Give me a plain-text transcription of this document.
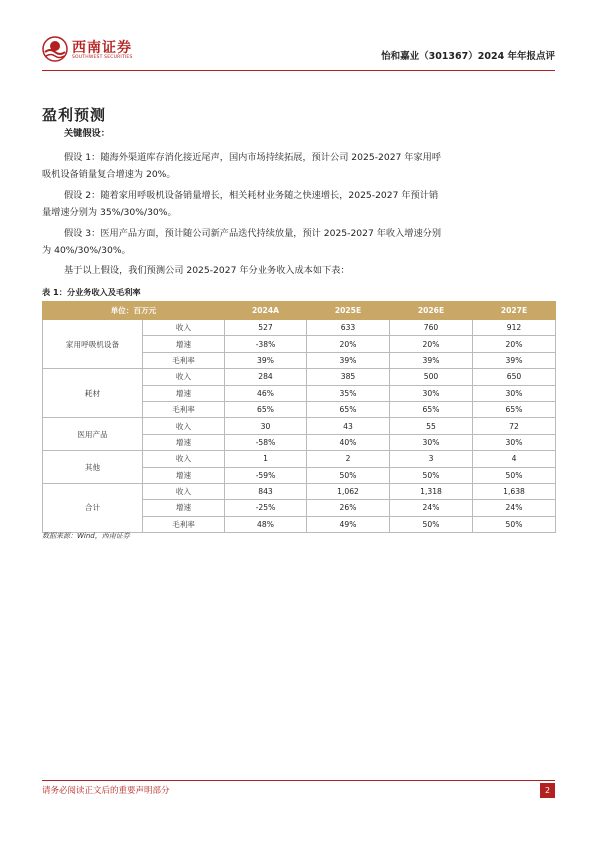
西南证券
SOUTHWEST SECURITIES	怡和嘉业（301367）2024 年年报点评
盈利预测
关键假设：
假设 1：随海外渠道库存消化接近尾声，国内市场持续拓展，预计公司 2025-2027 年家用呼吸机设备销量复合增速为 20%。
假设 2：随着家用呼吸机设备销量增长，相关耗材业务随之快速增长，2025-2027 年预计销量增速分别为 35%/30%/30%。
假设 3：医用产品方面，预计随公司新产品迭代持续放量，预计 2025-2027 年收入增速分别为 40%/30%/30%。
基于以上假设，我们预测公司 2025-2027 年分业务收入成本如下表：
表 1：分业务收入及毛利率
单位：百万元		2024A	2025E	2026E	2027E
家用呼吸机设备	收入	527	633	760	912
	增速	-38%	20%	20%	20%
	毛利率	39%	39%	39%	39%
耗材	收入	284	385	500	650
	增速	46%	35%	30%	30%
	毛利率	65%	65%	65%	65%
医用产品	收入	30	43	55	72
	增速	-58%	40%	30%	30%
其他	收入	1	2	3	4
	增速	-59%	50%	50%	50%
合计	收入	843	1,062	1,318	1,638
	增速	-25%	26%	24%	24%
	毛利率	48%	49%	50%	50%
数据来源：Wind，西南证券
请务必阅读正文后的重要声明部分	2
